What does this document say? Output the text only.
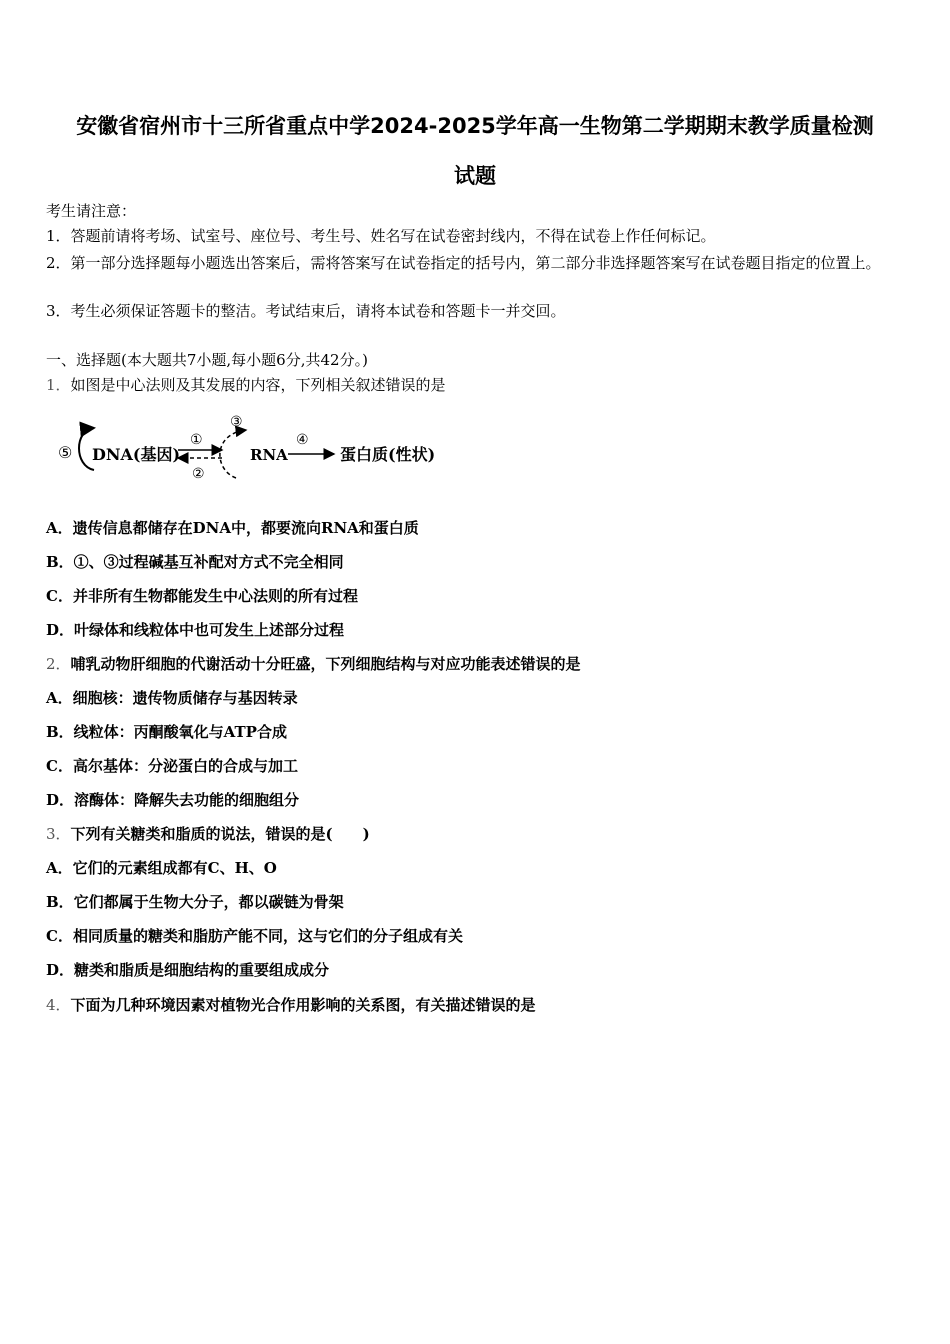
安徽省宿州市十三所省重点中学2024-2025学年高一生物第二学期期末教学质量检测
试题
考生请注意：
1．答题前请将考场、试室号、座位号、考生号、姓名写在试卷密封线内，不得在试卷上作任何标记。
2．第一部分选择题每小题选出答案后，需将答案写在试卷指定的括号内，第二部分非选择题答案写在试卷题目指定的位置上。
3．考生必须保证答题卡的整洁。考试结束后，请将本试卷和答题卡一并交回。
一、选择题(本大题共7小题,每小题6分,共42分。)
1．如图是中心法则及其发展的内容，下列相关叙述错误的是
⑤ DNA(基因)
①
②
③
RNA
④
蛋白质(性状)
A．遗传信息都储存在DNA中，都要流向RNA和蛋白质
B．①、③过程碱基互补配对方式不完全相同
C．并非所有生物都能发生中心法则的所有过程
D．叶绿体和线粒体中也可发生上述部分过程
2．哺乳动物肝细胞的代谢活动十分旺盛，下列细胞结构与对应功能表述错误的是
A．细胞核：遗传物质储存与基因转录
B．线粒体：丙酮酸氧化与ATP合成
C．高尔基体：分泌蛋白的合成与加工
D．溶酶体：降解失去功能的细胞组分
3．下列有关糖类和脂质的说法，错误的是(　　)
A．它们的元素组成都有C、H、O
B．它们都属于生物大分子，都以碳链为骨架
C．相同质量的糖类和脂肪产能不同，这与它们的分子组成有关
D．糖类和脂质是细胞结构的重要组成成分
4．下面为几种环境因素对植物光合作用影响的关系图，有关描述错误的是
